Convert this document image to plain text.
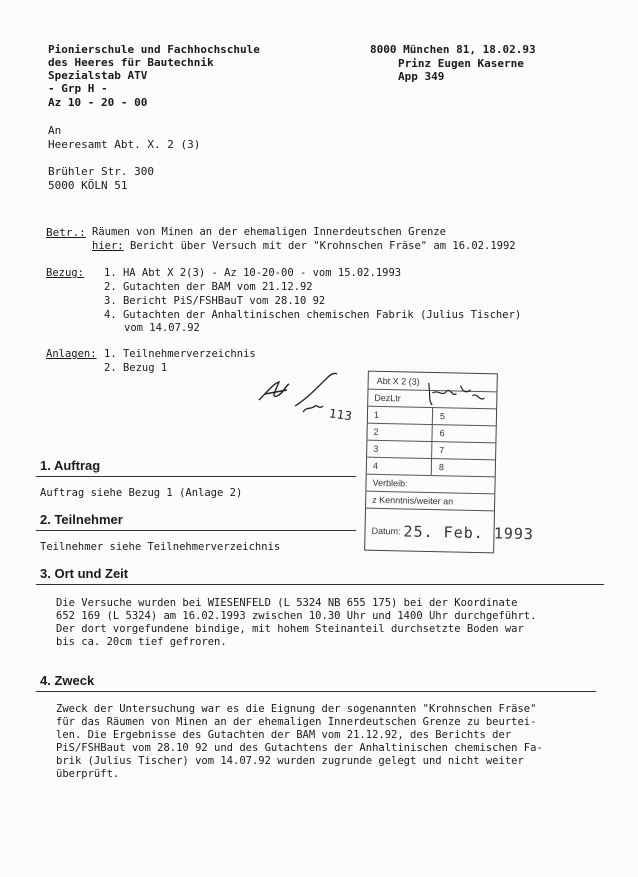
Pionierschule und Fachhochschule
des Heeres für Bautechnik
Spezialstab ATV
- Grp H -
Az 10 - 20 - 00
8000 München 81, 18.02.93
Prinz Eugen Kaserne
App 349
An
Heeresamt Abt. X. 2 (3)
Brühler Str. 300
5000 KÖLN 51
Betr.: Räumen von Minen an der ehemaligen Innerdeutschen Grenze
hier: Bericht über Versuch mit der "Krohnschen Fräse" am 16.02.1992
Bezug: 1. HA Abt X 2(3) - Az 10-20-00 - vom 15.02.1993
2. Gutachten der BAM vom 21.12.92
3. Bericht PiS/FSHBauT vom 28.10 92
4. Gutachten der Anhaltinischen chemischen Fabrik (Julius Tischer)
vom 14.07.92
Anlagen: 1. Teilnehmerverzeichnis
2. Bezug 1
113
Abt X 2 (3)
DezLtr
1	5
2	6
3	7
4	8
Verbleib:
z Kenntnis/weiter an
Datum: 25. Feb. 1993
1. Auftrag
Auftrag siehe Bezug 1 (Anlage 2)
2. Teilnehmer
Teilnehmer siehe Teilnehmerverzeichnis
3. Ort und Zeit
Die Versuche wurden bei WIESENFELD (L 5324 NB 655 175) bei der Koordinate
652 169 (L 5324) am 16.02.1993 zwischen 10.30 Uhr und 1400 Uhr durchgeführt.
Der dort vorgefundene bindige, mit hohem Steinanteil durchsetzte Boden war
bis ca. 20cm tief gefroren.
4. Zweck
Zweck der Untersuchung war es die Eignung der sogenannten "Krohnschen Fräse"
für das Räumen von Minen an der ehemaligen Innerdeutschen Grenze zu beurtei-
len. Die Ergebnisse des Gutachten der BAM vom 21.12.92, des Berichts der
PiS/FSHBaut vom 28.10 92 und des Gutachtens der Anhaltinischen chemischen Fa-
brik (Julius Tischer) vom 14.07.92 wurden zugrunde gelegt und nicht weiter
überprüft.
